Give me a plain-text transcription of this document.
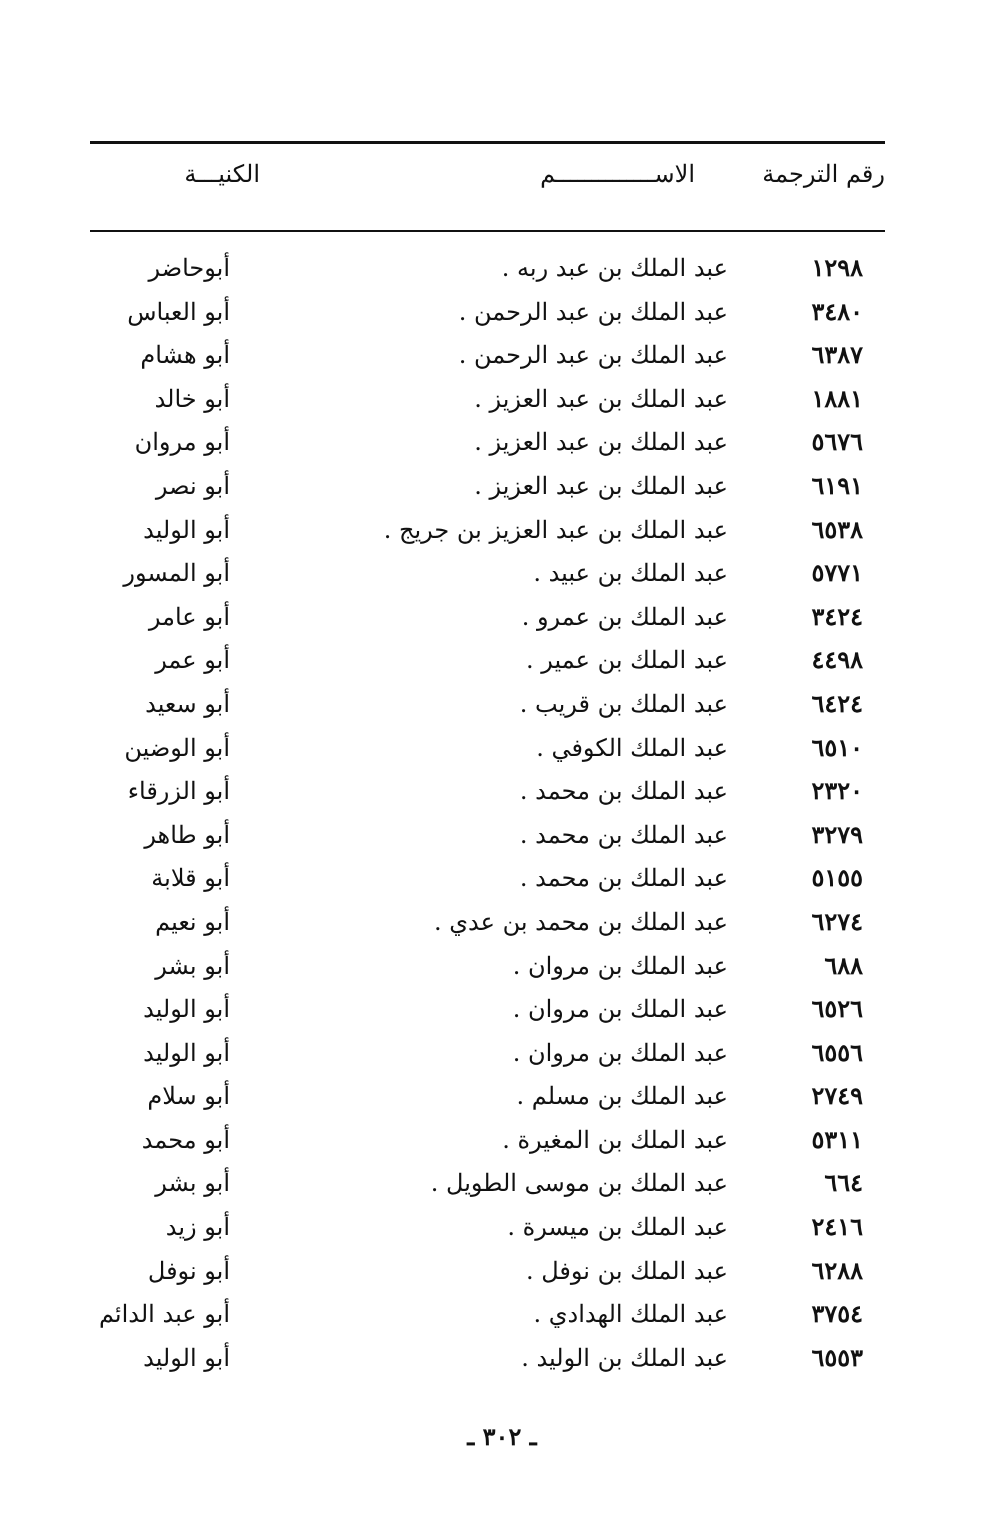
رقم الترجمة
الاســــــــــــــم
الكنيـــة
١٢٩٨
عبد الملك بن عبد ربه .
أبوحاضر
٣٤٨٠
عبد الملك بن عبد الرحمن .
أبو العباس
٦٣٨٧
عبد الملك بن عبد الرحمن .
أبو هشام
١٨٨١
عبد الملك بن عبد العزيز .
أبو خالد
٥٦٧٦
عبد الملك بن عبد العزيز .
أبو مروان
٦١٩١
عبد الملك بن عبد العزيز .
أبو نصر
٦٥٣٨
عبد الملك بن عبد العزيز بن جريج .
أبو الوليد
٥٧٧١
عبد الملك بن عبيد .
أبو المسور
٣٤٢٤
عبد الملك بن عمرو .
أبو عامر
٤٤٩٨
عبد الملك بن عمير .
أبو عمر
٦٤٢٤
عبد الملك بن قريب .
أبو سعيد
٦٥١٠
عبد الملك الكوفي .
أبو الوضين
٢٣٢٠
عبد الملك بن محمد .
أبو الزرقاء
٣٢٧٩
عبد الملك بن محمد .
أبو طاهر
٥١٥٥
عبد الملك بن محمد .
أبو قلابة
٦٢٧٤
عبد الملك بن محمد بن عدي .
أبو نعيم
٦٨٨
عبد الملك بن مروان .
أبو بشر
٦٥٢٦
عبد الملك بن مروان .
أبو الوليد
٦٥٥٦
عبد الملك بن مروان .
أبو الوليد
٢٧٤٩
عبد الملك بن مسلم .
أبو سلام
٥٣١١
عبد الملك بن المغيرة .
أبو محمد
٦٦٤
عبد الملك بن موسى الطويل .
أبو بشر
٢٤١٦
عبد الملك بن ميسرة .
أبو زيد
٦٢٨٨
عبد الملك بن نوفل .
أبو نوفل
٣٧٥٤
عبد الملك الهدادي .
أبو عبد الدائم
٦٥٥٣
عبد الملك بن الوليد .
أبو الوليد
ـ ٣٠٢ ـ
